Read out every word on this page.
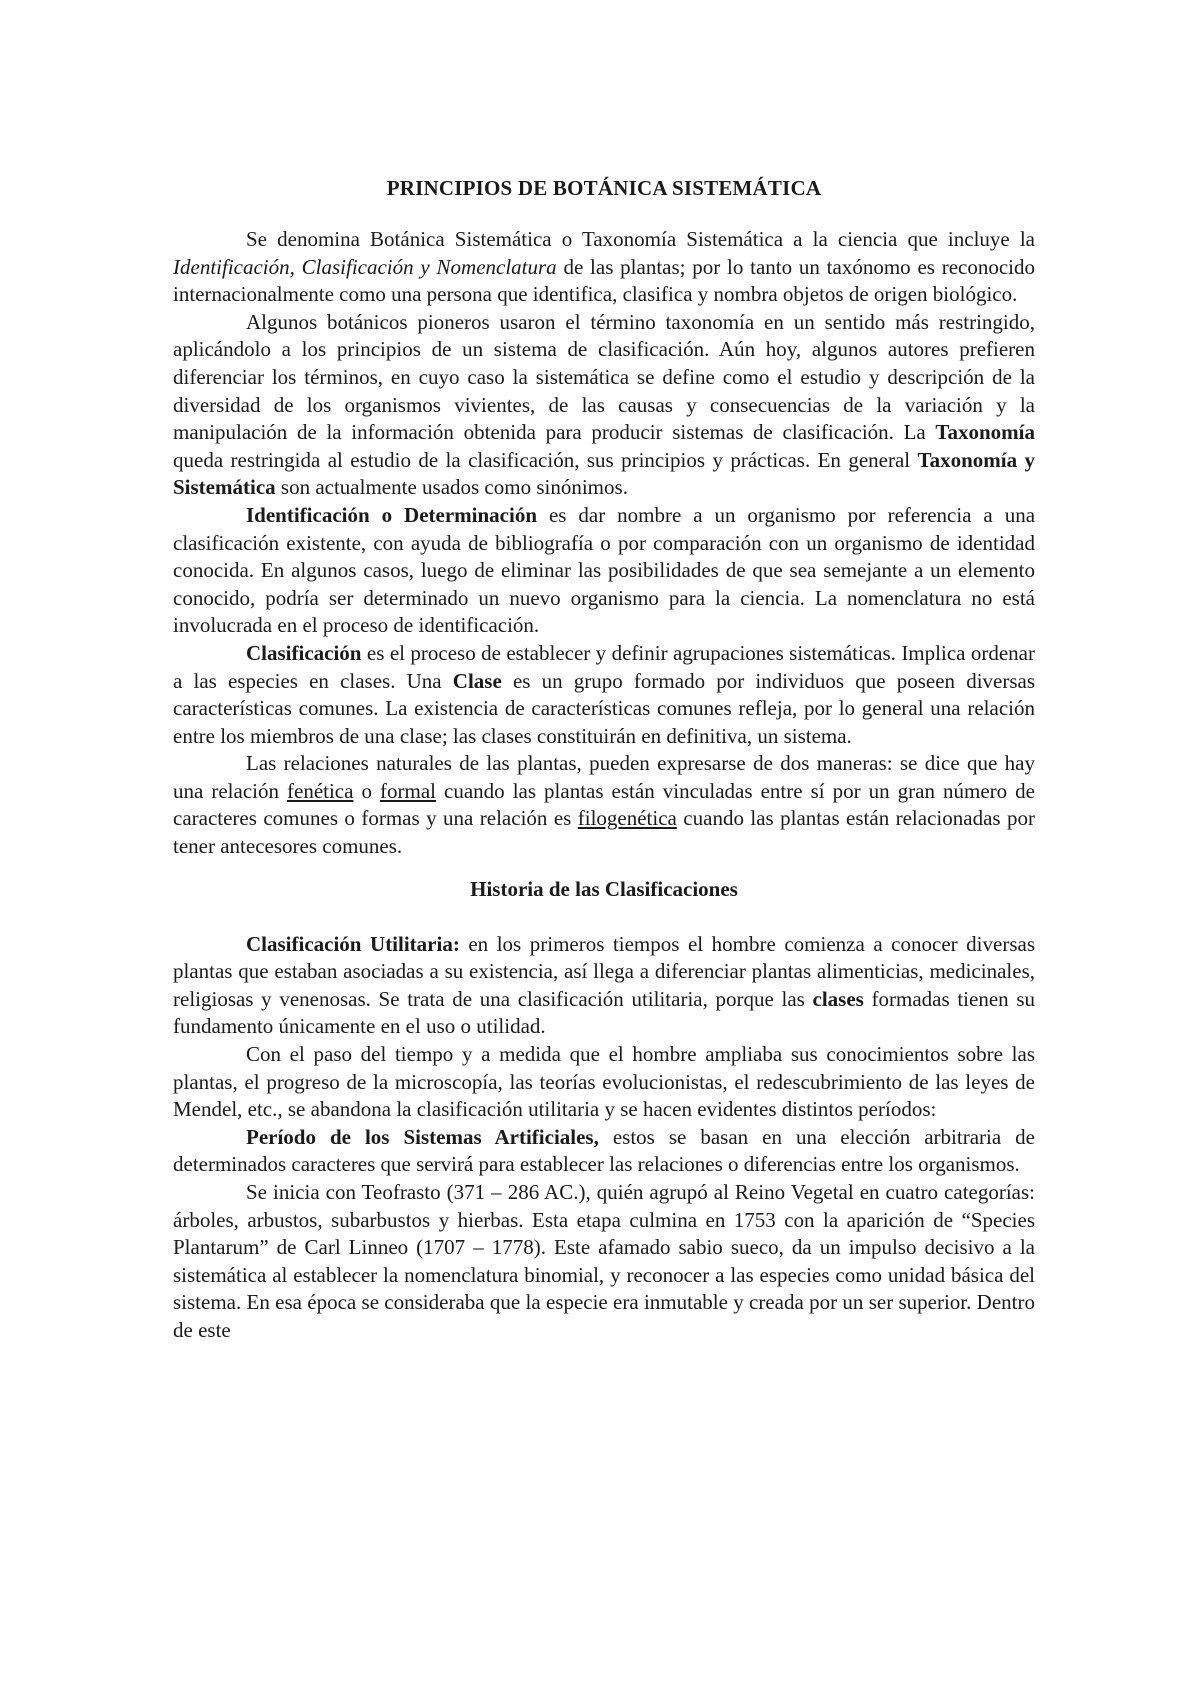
PRINCIPIOS DE BOTÁNICA SISTEMÁTICA

Se denomina Botánica Sistemática o Taxonomía Sistemática a la ciencia que incluye la Identificación, Clasificación y Nomenclatura de las plantas; por lo tanto un taxónomo es reconocido internacionalmente como una persona que identifica, clasifica y nombra objetos de origen biológico.

Algunos botánicos pioneros usaron el término taxonomía en un sentido más restringido, aplicándolo a los principios de un sistema de clasificación. Aún hoy, algunos autores prefieren diferenciar los términos, en cuyo caso la sistemática se define como el estudio y descripción de la diversidad de los organismos vivientes, de las causas y consecuencias de la variación y la manipulación de la información obtenida para producir sistemas de clasificación. La Taxonomía queda restringida al estudio de la clasificación, sus principios y prácticas. En general Taxonomía y Sistemática son actualmente usados como sinónimos.

Identificación o Determinación es dar nombre a un organismo por referencia a una clasificación existente, con ayuda de bibliografía o por comparación con un organismo de identidad conocida. En algunos casos, luego de eliminar las posibilidades de que sea semejante a un elemento conocido, podría ser determinado un nuevo organismo para la ciencia. La nomenclatura no está involucrada en el proceso de identificación.

Clasificación es el proceso de establecer y definir agrupaciones sistemáticas. Implica ordenar a las especies en clases. Una Clase es un grupo formado por individuos que poseen diversas características comunes. La existencia de características comunes refleja, por lo general una relación entre los miembros de una clase; las clases constituirán en definitiva, un sistema.

Las relaciones naturales de las plantas, pueden expresarse de dos maneras: se dice que hay una relación fenética o formal cuando las plantas están vinculadas entre sí por un gran número de caracteres comunes o formas y una relación es filogenética cuando las plantas están relacionadas por tener antecesores comunes.

Historia de las Clasificaciones

Clasificación Utilitaria: en los primeros tiempos el hombre comienza a conocer diversas plantas que estaban asociadas a su existencia, así llega a diferenciar plantas alimenticias, medicinales, religiosas y venenosas. Se trata de una clasificación utilitaria, porque las clases formadas tienen su fundamento únicamente en el uso o utilidad.

Con el paso del tiempo y a medida que el hombre ampliaba sus conocimientos sobre las plantas, el progreso de la microscopía, las teorías evolucionistas, el redescubrimiento de las leyes de Mendel, etc., se abandona la clasificación utilitaria y se hacen evidentes distintos períodos:

Período de los Sistemas Artificiales, estos se basan en una elección arbitraria de determinados caracteres que servirá para establecer las relaciones o diferencias entre los organismos.

Se inicia con Teofrasto (371 – 286 AC.), quién agrupó al Reino Vegetal en cuatro categorías: árboles, arbustos, subarbustos y hierbas. Esta etapa culmina en 1753 con la aparición de “Species Plantarum” de Carl Linneo (1707 – 1778). Este afamado sabio sueco, da un impulso decisivo a la sistemática al establecer la nomenclatura binomial, y reconocer a las especies como unidad básica del sistema. En esa época se consideraba que la especie era inmutable y creada por un ser superior. Dentro de este
